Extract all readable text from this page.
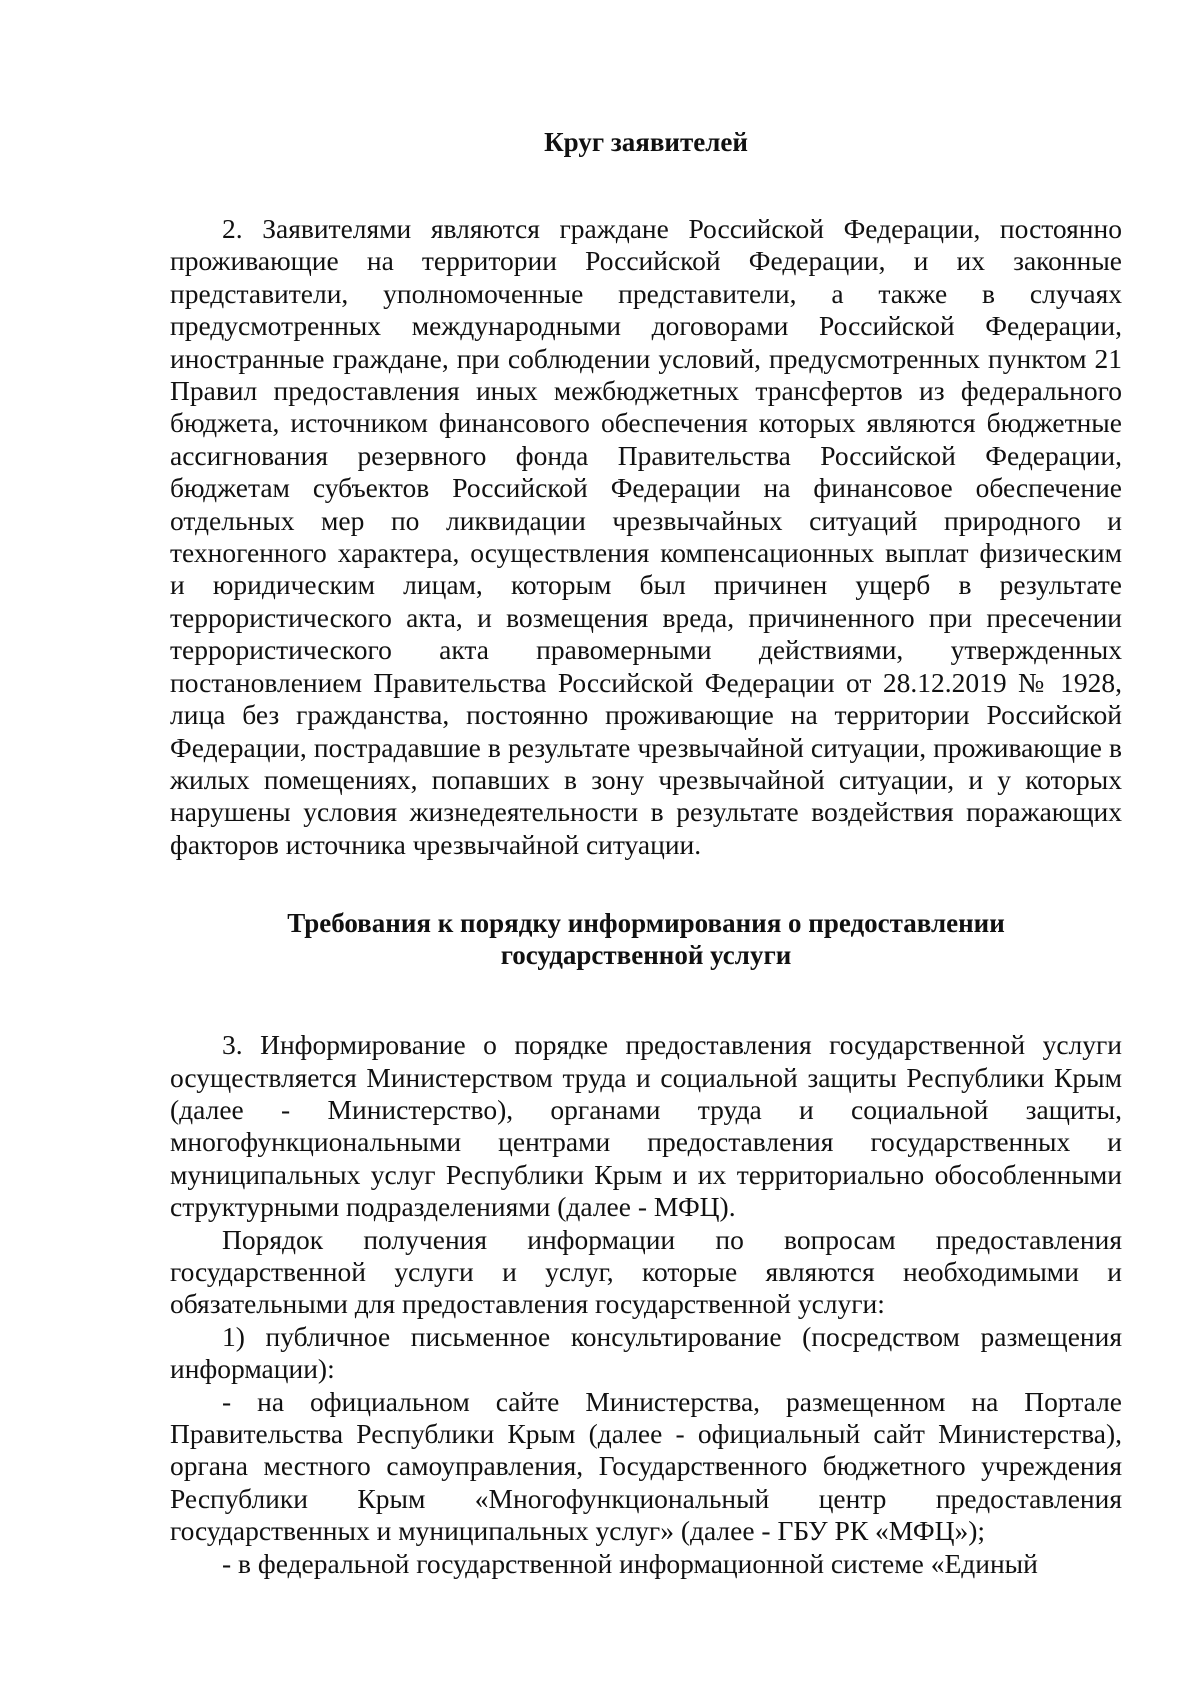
Круг заявителей

2. Заявителями являются граждане Российской Федерации, постоянно проживающие на территории Российской Федерации, и их законные представители, уполномоченные представители, а также в случаях предусмотренных международными договорами Российской Федерации, иностранные граждане, при соблюдении условий, предусмотренных пунктом 21 Правил предоставления иных межбюджетных трансфертов из федерального бюджета, источником финансового обеспечения которых являются бюджетные ассигнования резервного фонда Правительства Российской Федерации, бюджетам субъектов Российской Федерации на финансовое обеспечение отдельных мер по ликвидации чрезвычайных ситуаций природного и техногенного характера, осуществления компенсационных выплат физическим и юридическим лицам, которым был причинен ущерб в результате террористического акта, и возмещения вреда, причиненного при пресечении террористического акта правомерными действиями, утвержденных постановлением Правительства Российской Федерации от 28.12.2019 № 1928, лица без гражданства, постоянно проживающие на территории Российской Федерации, пострадавшие в результате чрезвычайной ситуации, проживающие в жилых помещениях, попавших в зону чрезвычайной ситуации, и у которых нарушены условия жизнедеятельности в результате воздействия поражающих факторов источника чрезвычайной ситуации.

Требования к порядку информирования о предоставлении
государственной услуги

3. Информирование о порядке предоставления государственной услуги осуществляется Министерством труда и социальной защиты Республики Крым (далее - Министерство), органами труда и социальной защиты, многофункциональными центрами предоставления государственных и муниципальных услуг Республики Крым и их территориально обособленными структурными подразделениями (далее - МФЦ).

Порядок получения информации по вопросам предоставления государственной услуги и услуг, которые являются необходимыми и обязательными для предоставления государственной услуги:

1) публичное письменное консультирование (посредством размещения информации):

- на официальном сайте Министерства, размещенном на Портале Правительства Республики Крым (далее - официальный сайт Министерства), органа местного самоуправления, Государственного бюджетного учреждения Республики Крым «Многофункциональный центр предоставления государственных и муниципальных услуг» (далее - ГБУ РК «МФЦ»);

- в федеральной государственной информационной системе «Единый
